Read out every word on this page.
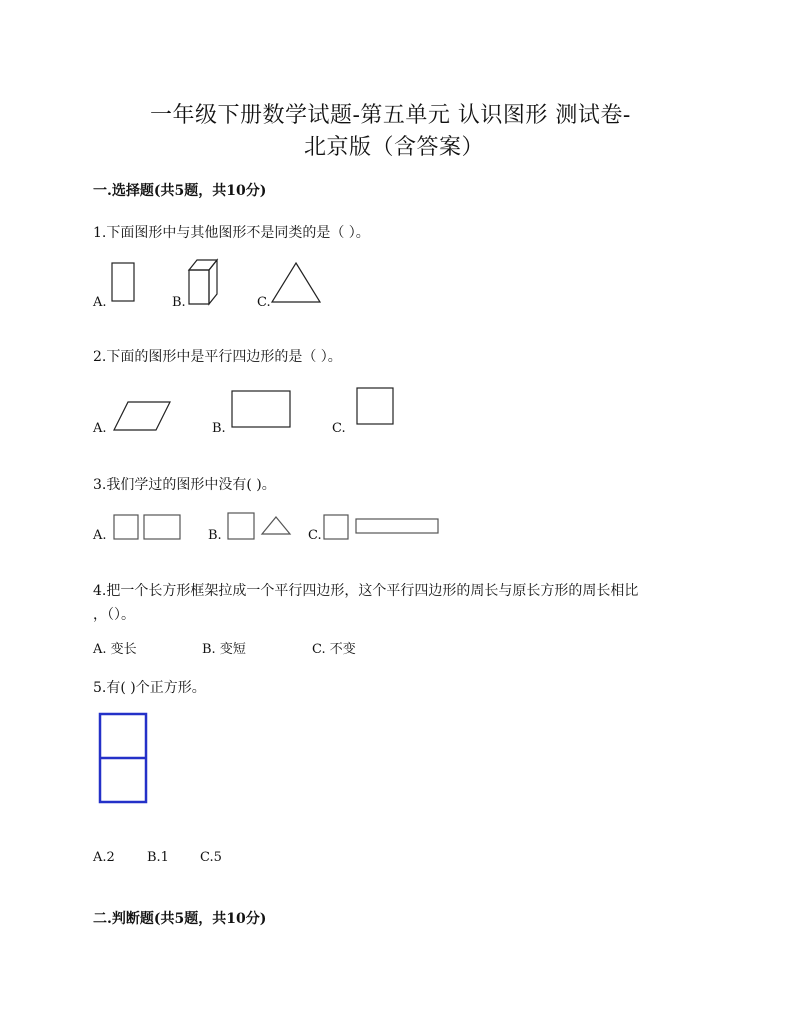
一年级下册数学试题-第五单元 认识图形 测试卷-
北京版（含答案）
一.选择题(共5题，共10分)
1.下面图形中与其他图形不是同类的是（ ）。
A.	B.	C.
2.下面的图形中是平行四边形的是（ ）。
A.	B.	C.
3.我们学过的图形中没有( )。
A.	B.	C.
4.把一个长方形框架拉成一个平行四边形，这个平行四边形的周长与原长方形的周长相比
，（）。
A. 变长	B. 变短	C. 不变
5.有( )个正方形。
A.2 B.1 C.5
二.判断题(共5题，共10分)
